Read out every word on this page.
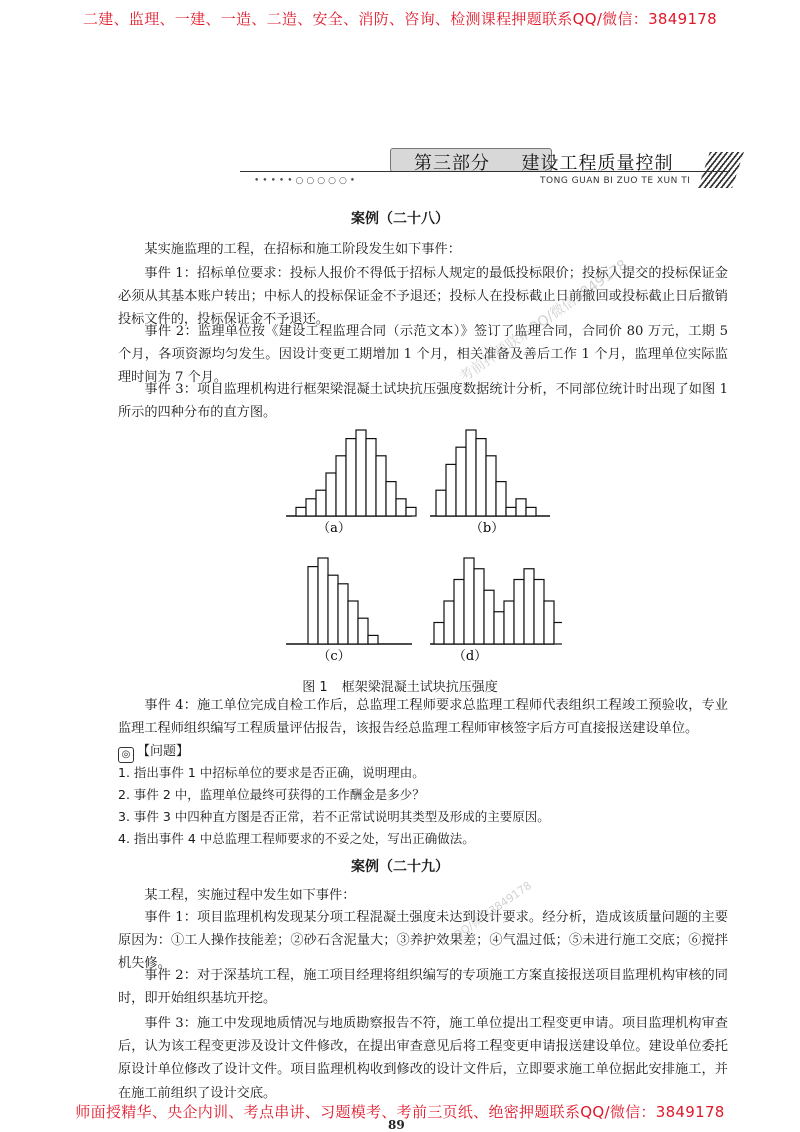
二建、监理、一建、一造、二造、安全、消防、咨询、检测课程押题联系QQ/微信：3849178
第三部分 建设工程质量控制
•••••○○○○○•	TONG GUAN BI ZUO TE XUN TI
案例（二十八）

某实施监理的工程，在招标和施工阶段发生如下事件：

事件 1：招标单位要求：投标人报价不得低于招标人规定的最低投标限价；投标人提交的投标保证金必须从其基本账户转出；中标人的投标保证金不予退还；投标人在投标截止日前撤回或投标截止日后撤销投标文件的，投标保证金不予退还。

事件 2：监理单位按《建设工程监理合同（示范文本）》签订了监理合同，合同价 80 万元，工期 5 个月，各项资源均匀发生。因设计变更工期增加 1 个月，相关准备及善后工作 1 个月，监理单位实际监理时间为 7 个月。

事件 3：项目监理机构进行框架梁混凝土试块抗压强度数据统计分析，不同部位统计时出现了如图 1 所示的四种分布的直方图。

（a）	（b）
（c）	（d）
图 1 框架梁混凝土试块抗压强度

事件 4：施工单位完成自检工作后，总监理工程师要求总监理工程师代表组织工程竣工预验收，专业监理工程师组织编写工程质量评估报告，该报告经总监理工程师审核签字后方可直接报送建设单位。

◎ 【问题】
1. 指出事件 1 中招标单位的要求是否正确，说明理由。
2. 事件 2 中，监理单位最终可获得的工作酬金是多少？
3. 事件 3 中四种直方图是否正常，若不正常试说明其类型及形成的主要原因。
4. 指出事件 4 中总监理工程师要求的不妥之处，写出正确做法。
案例（二十九）

某工程，实施过程中发生如下事件：

事件 1：项目监理机构发现某分项工程混凝土强度未达到设计要求。经分析，造成该质量问题的主要原因为：①工人操作技能差；②砂石含泥量大；③养护效果差；④气温过低；⑤未进行施工交底；⑥搅拌机失修。

事件 2：对于深基坑工程，施工项目经理将组织编写的专项施工方案直接报送项目监理机构审核的同时，即开始组织基坑开挖。

事件 3：施工中发现地质情况与地质勘察报告不符，施工单位提出工程变更申请。项目监理机构审查后，认为该工程变更涉及设计文件修改，在提出审查意见后将工程变更申请报送建设单位。建设单位委托原设计单位修改了设计文件。项目监理机构收到修改的设计文件后，立即要求施工单位据此安排施工，并在施工前组织了设计交底。

考前押题联系QQ/微信3849178
QQ/微信3849178
89
师面授精华、央企内训、考点串讲、习题模考、考前三页纸、绝密押题联系QQ/微信：3849178
